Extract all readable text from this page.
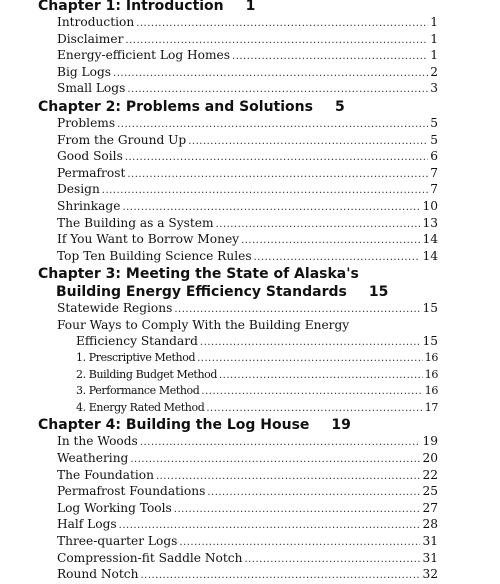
Chapter 1: Introduction 1
Introduction .....	1
Disclaimer .....	1
Energy-efficient Log Homes .....	1
Big Logs .....	2
Small Logs .....	3
Chapter 2: Problems and Solutions 5
Problems .....	5
From the Ground Up .....	5
Good Soils .....	6
Permafrost .....	7
Design .....	7
Shrinkage .....	10
The Building as a System .....	13
If You Want to Borrow Money .....	14
Top Ten Building Science Rules .....	14
Chapter 3: Meeting the State of Alaska's
Building Energy Efficiency Standards 15
Statewide Regions .....	15
Four Ways to Comply With the Building Energy
Efficiency Standard .....	15
1. Prescriptive Method .....	16
2. Building Budget Method .....	16
3. Performance Method .....	16
4. Energy Rated Method .....	17
Chapter 4: Building the Log House 19
In the Woods .....	19
Weathering .....	20
The Foundation .....	22
Permafrost Foundations .....	25
Log Working Tools .....	27
Half Logs .....	28
Three-quarter Logs .....	31
Compression-fit Saddle Notch .....	31
Round Notch .....	32
